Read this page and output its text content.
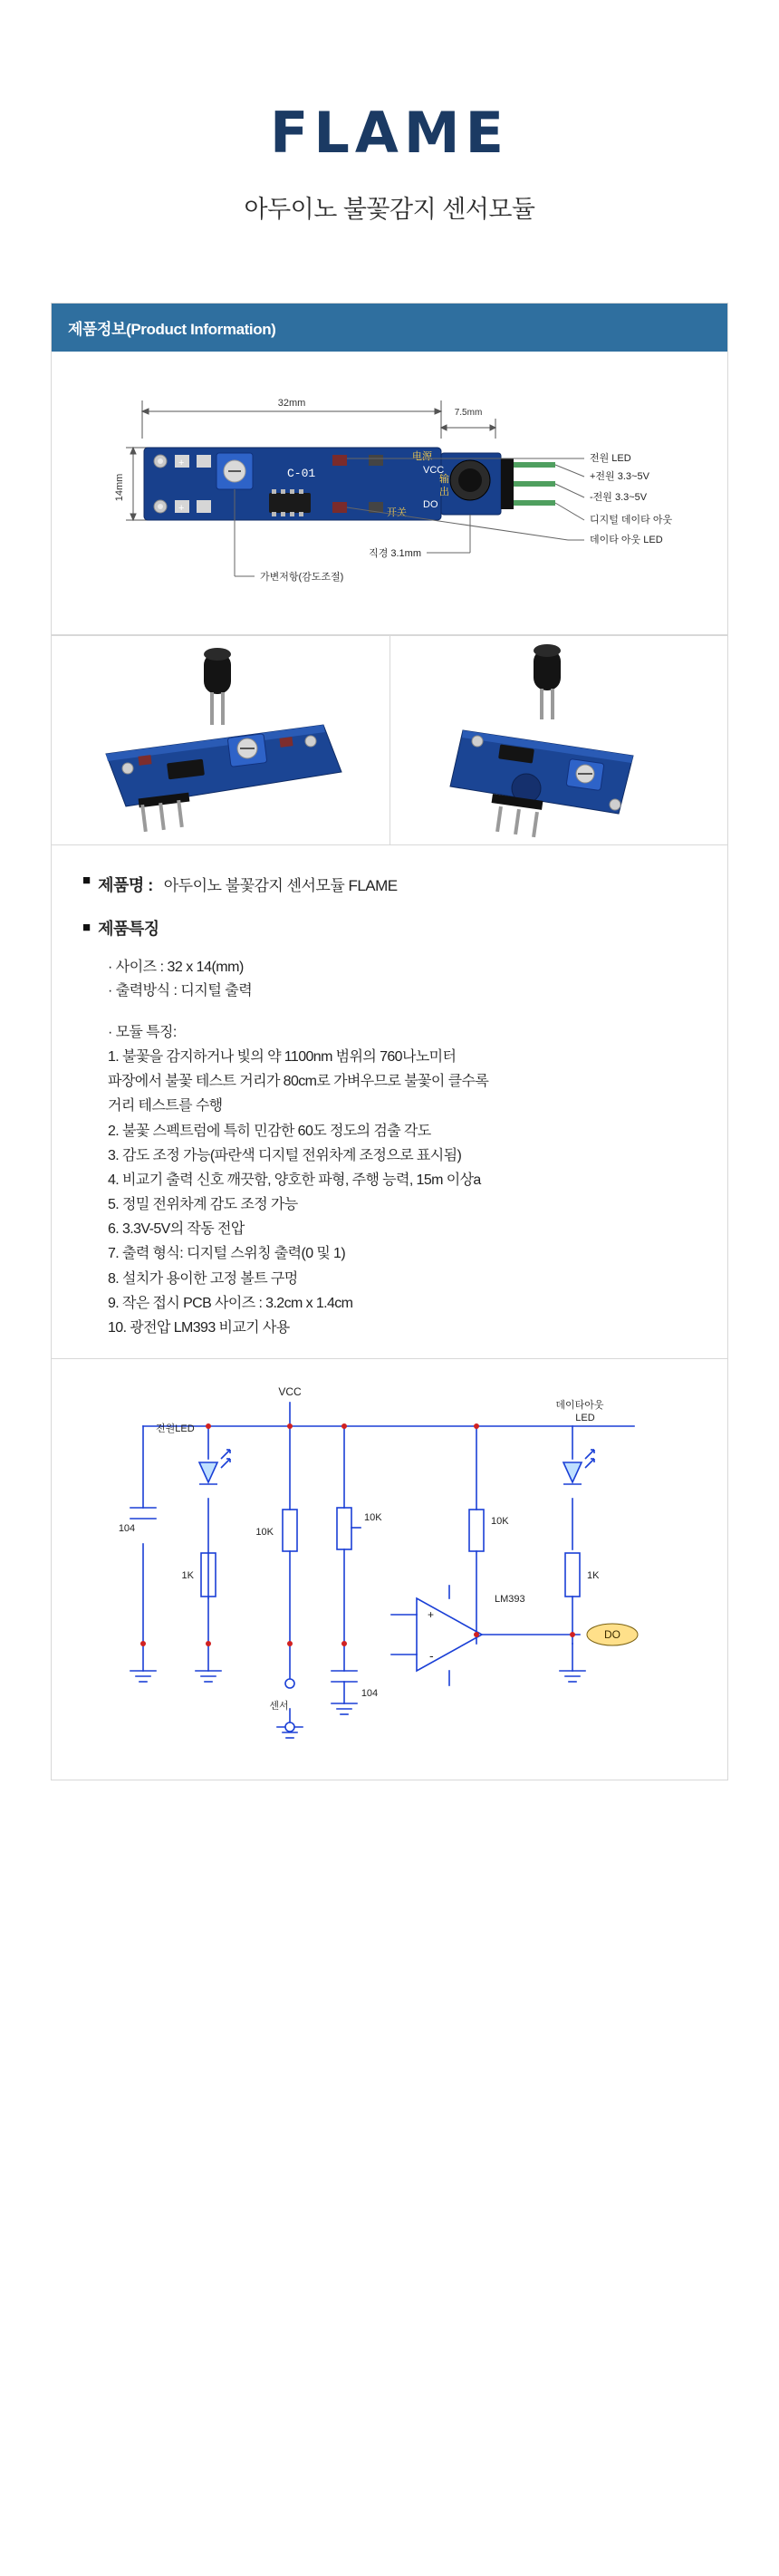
FLAME
아두이노 불꽃감지 센서모듈
제품정보(Product Information)
32mm
7.5mm
14mm
+
+
C-01
电源
输
出
开关
VCC
DO
전원 LED
+전원 3.3~5V
-전원 3.3~5V
디지털 데이타 아웃
데이타 아웃 LED
직경 3.1mm
가변저항(감도조절)
■ 제품명 : 아두이노 불꽃감지 센서모듈 FLAME
■ 제품특징
· 사이즈 : 32 x 14(mm)
· 출력방식 : 디지털 출력
· 모듈 특징:
1. 불꽃을 감지하거나 빛의 약 1100nm 범위의 760나노미터
파장에서 불꽃 테스트 거리가 80cm로 가벼우므로 불꽃이 클수록
거리 테스트를 수행
2. 불꽃 스펙트럼에 특히 민감한 60도 정도의 검출 각도
3. 감도 조정 가능(파란색 디지털 전위차계 조정으로 표시됨)
4. 비교기 출력 신호 깨끗함, 양호한 파형, 주행 능력, 15m 이상a
5. 정밀 전위차계 감도 조정 가능
6. 3.3V-5V의 작동 전압
7. 출력 형식: 디지털 스위칭 출력(0 및 1)
8. 설치가 용이한 고정 볼트 구멍
9. 작은 접시 PCB 사이즈 : 3.2cm x 1.4cm
10. 광전압 LM393 비교기 사용
DO
VCC
전원LED
데이타아웃
LED
104
104
10K
10K	10K
1K	1K
LM393
+
-
센서
